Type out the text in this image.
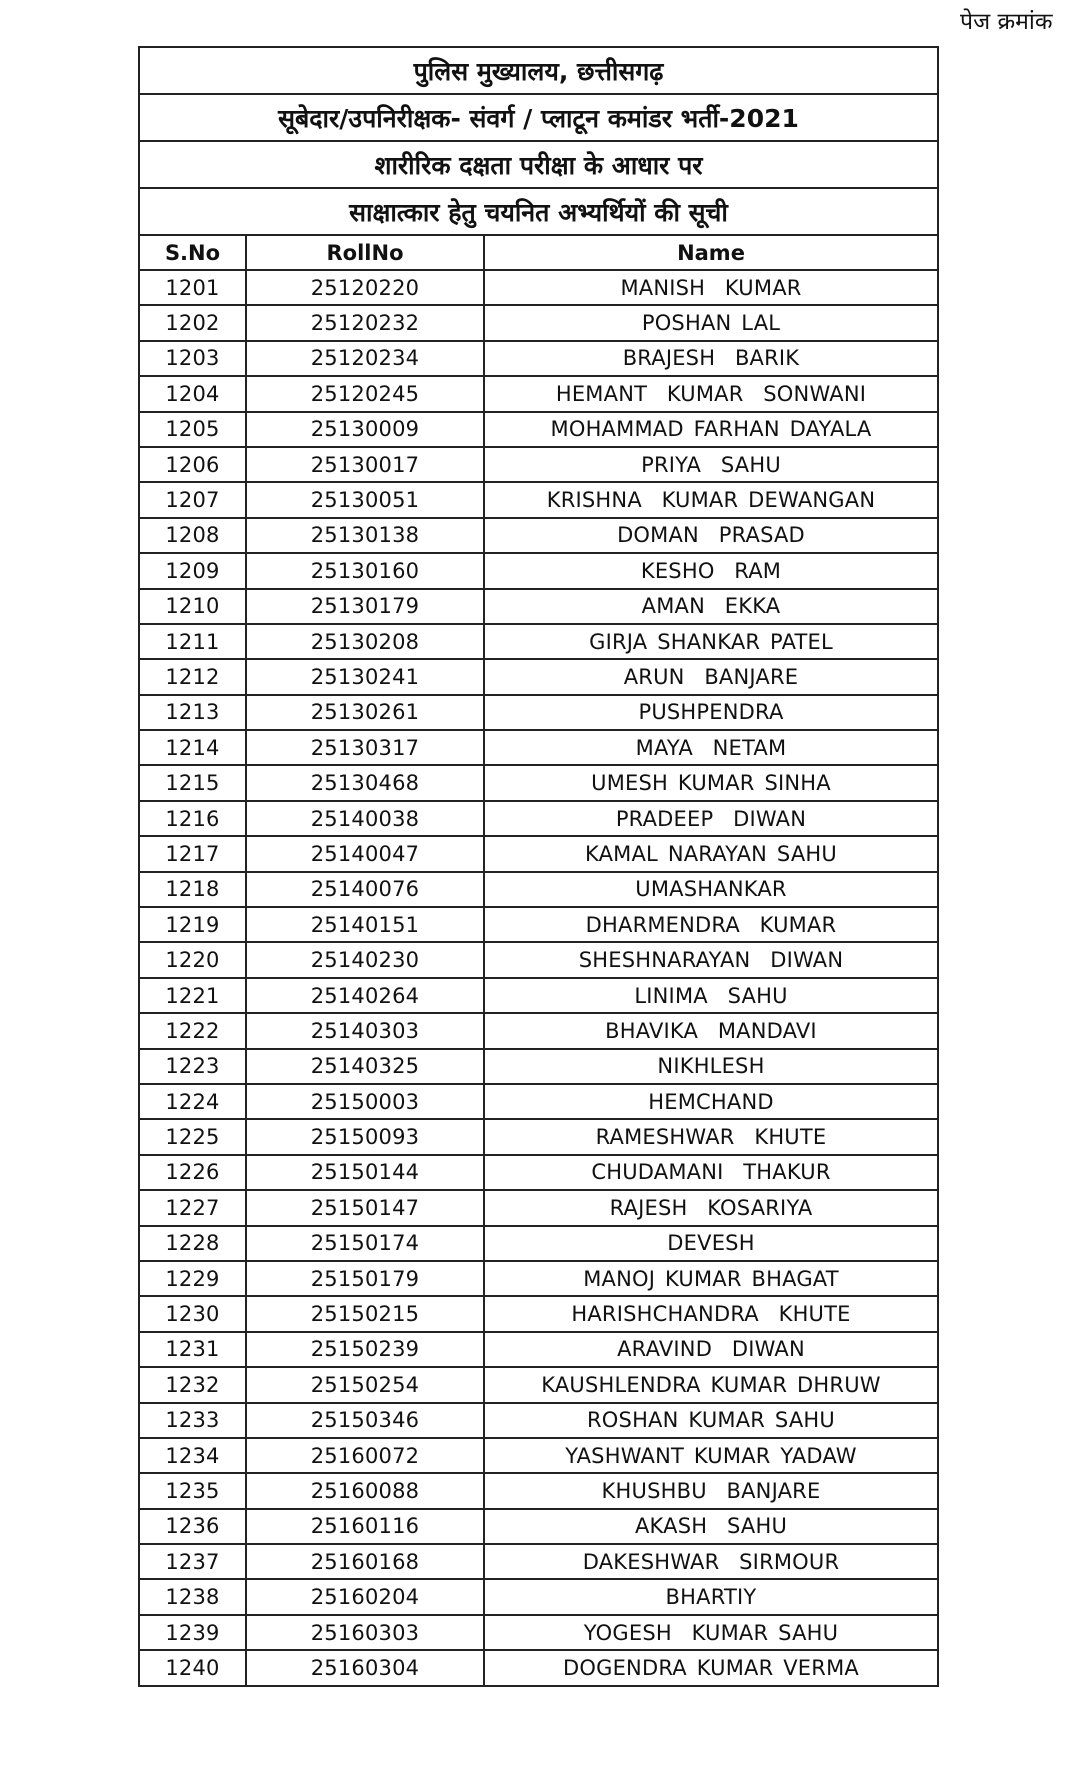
पेज क्रमांक
पुलिस मुख्यालय, छत्तीसगढ़		
सूबेदार/उपनिरीक्षक- संवर्ग / प्लाटून कमांडर भर्ती-2021		
शारीरिक दक्षता परीक्षा के आधार पर		
साक्षात्कार हेतु चयनित अभ्यर्थियों की सूची		
S.No	RollNo	Name
1201	25120220	MANISH  KUMAR
1202	25120232	POSHAN LAL
1203	25120234	BRAJESH  BARIK
1204	25120245	HEMANT  KUMAR  SONWANI
1205	25130009	MOHAMMAD FARHAN DAYALA
1206	25130017	PRIYA  SAHU
1207	25130051	KRISHNA  KUMAR DEWANGAN
1208	25130138	DOMAN  PRASAD
1209	25130160	KESHO  RAM
1210	25130179	AMAN  EKKA
1211	25130208	GIRJA SHANKAR PATEL
1212	25130241	ARUN  BANJARE
1213	25130261	PUSHPENDRA
1214	25130317	MAYA  NETAM
1215	25130468	UMESH KUMAR SINHA
1216	25140038	PRADEEP  DIWAN
1217	25140047	KAMAL NARAYAN SAHU
1218	25140076	UMASHANKAR
1219	25140151	DHARMENDRA  KUMAR
1220	25140230	SHESHNARAYAN  DIWAN
1221	25140264	LINIMA  SAHU
1222	25140303	BHAVIKA  MANDAVI
1223	25140325	NIKHLESH
1224	25150003	HEMCHAND
1225	25150093	RAMESHWAR  KHUTE
1226	25150144	CHUDAMANI  THAKUR
1227	25150147	RAJESH  KOSARIYA
1228	25150174	DEVESH
1229	25150179	MANOJ KUMAR BHAGAT
1230	25150215	HARISHCHANDRA  KHUTE
1231	25150239	ARAVIND  DIWAN
1232	25150254	KAUSHLENDRA KUMAR DHRUW
1233	25150346	ROSHAN KUMAR SAHU
1234	25160072	YASHWANT KUMAR YADAW
1235	25160088	KHUSHBU  BANJARE
1236	25160116	AKASH  SAHU
1237	25160168	DAKESHWAR  SIRMOUR
1238	25160204	BHARTIY
1239	25160303	YOGESH  KUMAR SAHU
1240	25160304	DOGENDRA KUMAR VERMA
